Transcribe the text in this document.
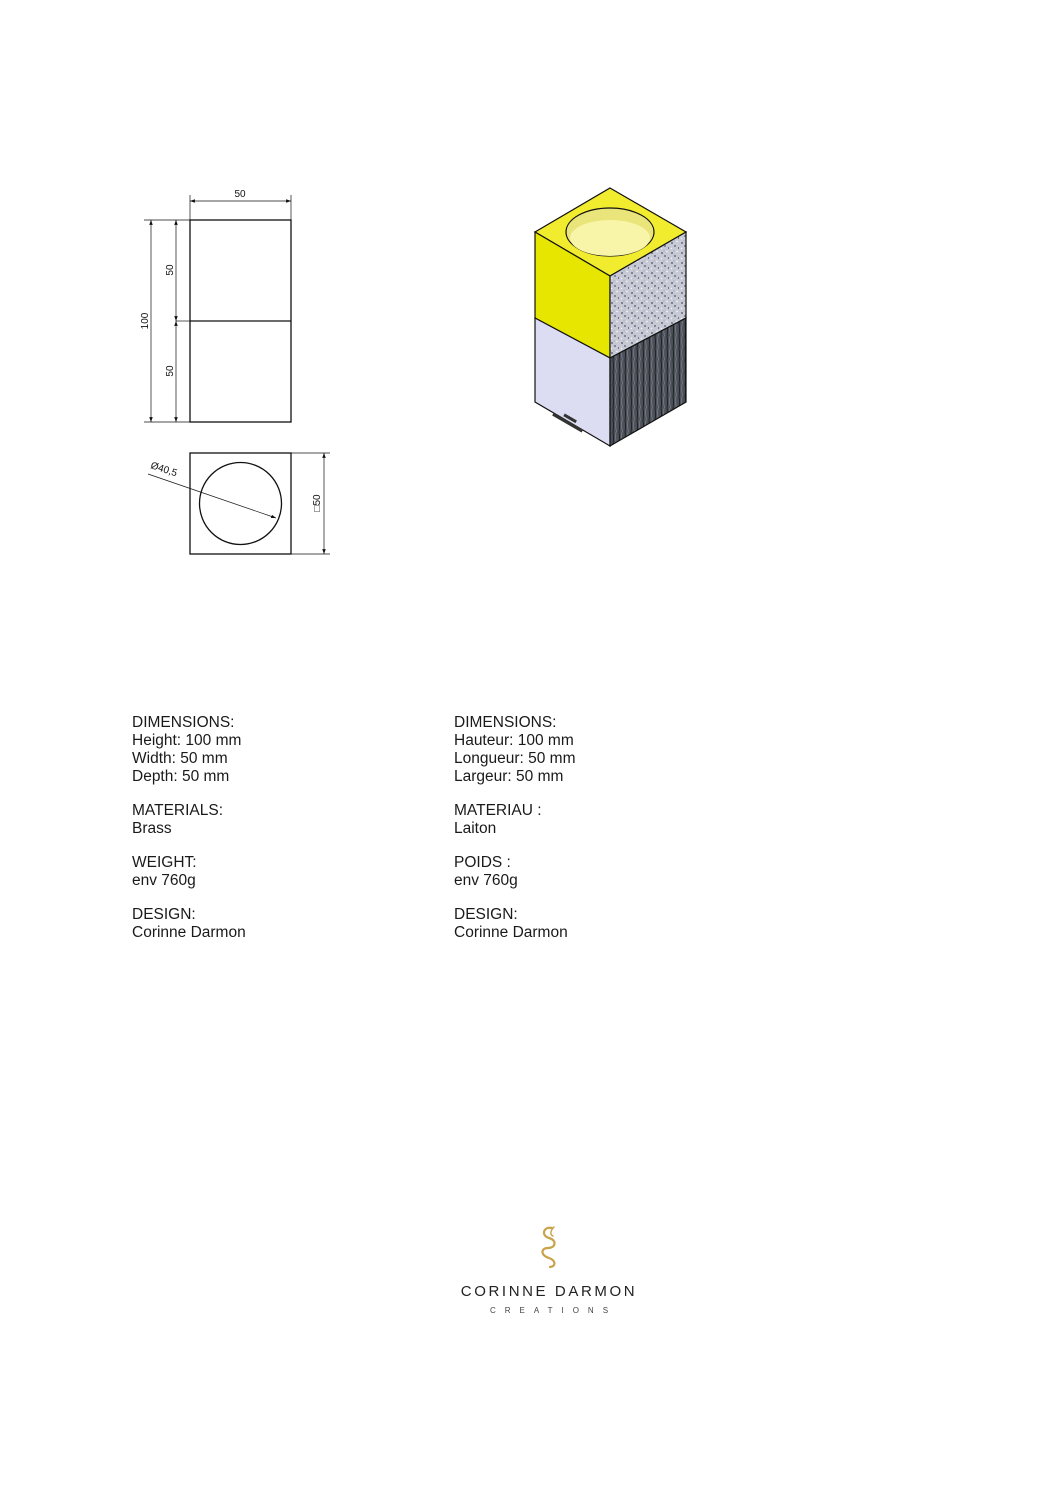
50
100
50
50
Ø40,5
□50
DIMENSIONS:
Height: 100 mm
Width: 50 mm
Depth: 50 mm
MATERIALS:
Brass
WEIGHT:
env 760g
DESIGN:
Corinne Darmon
DIMENSIONS:
Hauteur: 100 mm
Longueur: 50 mm
Largeur: 50 mm
MATERIAU :
Laiton
POIDS :
env 760g
DESIGN:
Corinne Darmon
CORINNE DARMON
CREATIONS
